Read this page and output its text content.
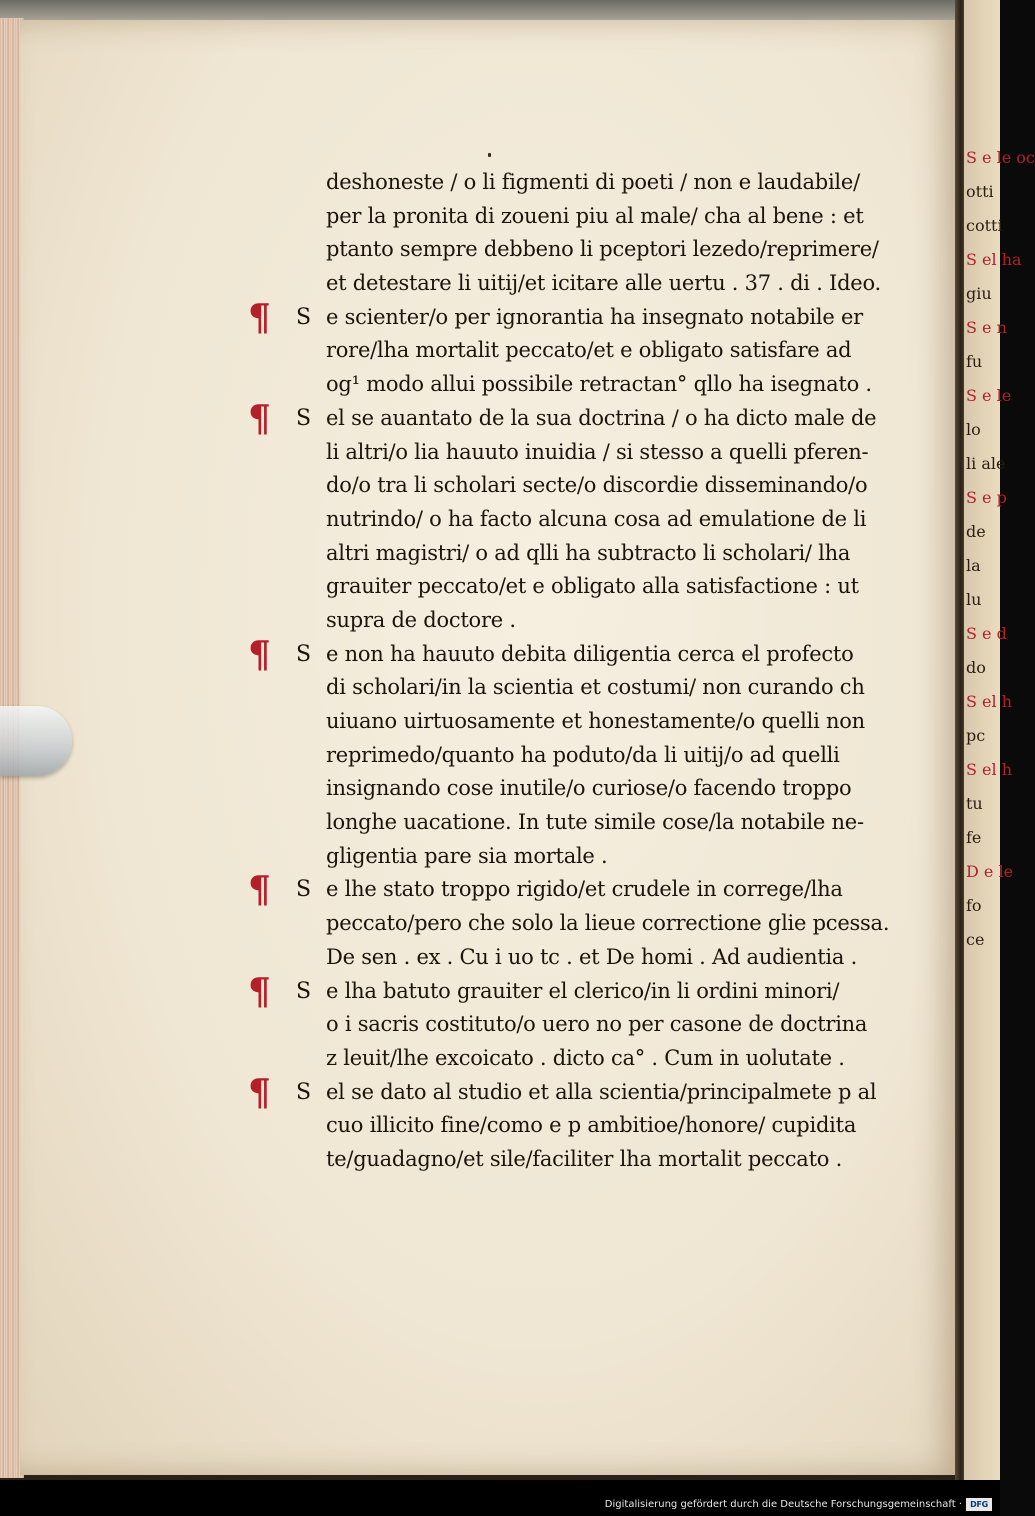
deshoneste / o li figmenti di poeti / non e laudabile/
per la pronita di zoueni piu al male/ cha al bene : et
ptanto sempre debbeno li pceptori lezedo/reprimere/
et detestare li uitij/et icitare alle uertu . 37 . di . Ideo.
¶	S e scienter/o per ignorantia ha insegnato notabile er
rore/lha mortalit peccato/et e obligato satisfare ad
og¹ modo allui possibile retractan° qllo ha isegnato .
¶	S el se auantato de la sua doctrina / o ha dicto male de
li altri/o lia hauuto inuidia / si stesso a quelli pferen-
do/o tra li scholari secte/o discordie disseminando/o
nutrindo/ o ha facto alcuna cosa ad emulatione de li
altri magistri/ o ad qlli ha subtracto li scholari/ lha
grauiter peccato/et e obligato alla satisfactione : ut
supra de doctore .
¶	S e non ha hauuto debita diligentia cerca el profecto
di scholari/in la scientia et costumi/ non curando ch
uiuano uirtuosamente et honestamente/o quelli non
reprimedo/quanto ha poduto/da li uitij/o ad quelli
insignando cose inutile/o curiose/o facendo troppo
longhe uacatione. In tute simile cose/la notabile ne-
gligentia pare sia mortale .
¶	S e lhe stato troppo rigido/et crudele in correge/lha
peccato/pero che solo la lieue correctione glie pcessa.
De sen . ex . Cu i uo tc . et De homi . Ad audientia .
¶	S e lha batuto grauiter el clerico/in li ordini minori/
o i sacris costituto/o uero no per casone de doctrina
z leuit/lhe excoicato . dicto ca° . Cum in uolutate .
¶	S el se dato al studio et alla scientia/principalmete p al
cuo illicito fine/como e p ambitioe/honore/ cupidita
te/guadagno/et sile/faciliter lha mortalit peccato .
S e le oc
otti
cotti
S el ha
giu
S e n
fu
S e le
lo
li ale
S e p
de
la
lu
S e d
do
S el h
pc
S el h
tu
fe
D e le
fo
ce
Digitalisierung gefördert durch die Deutsche Forschungsgemeinschaft ·	DFG
